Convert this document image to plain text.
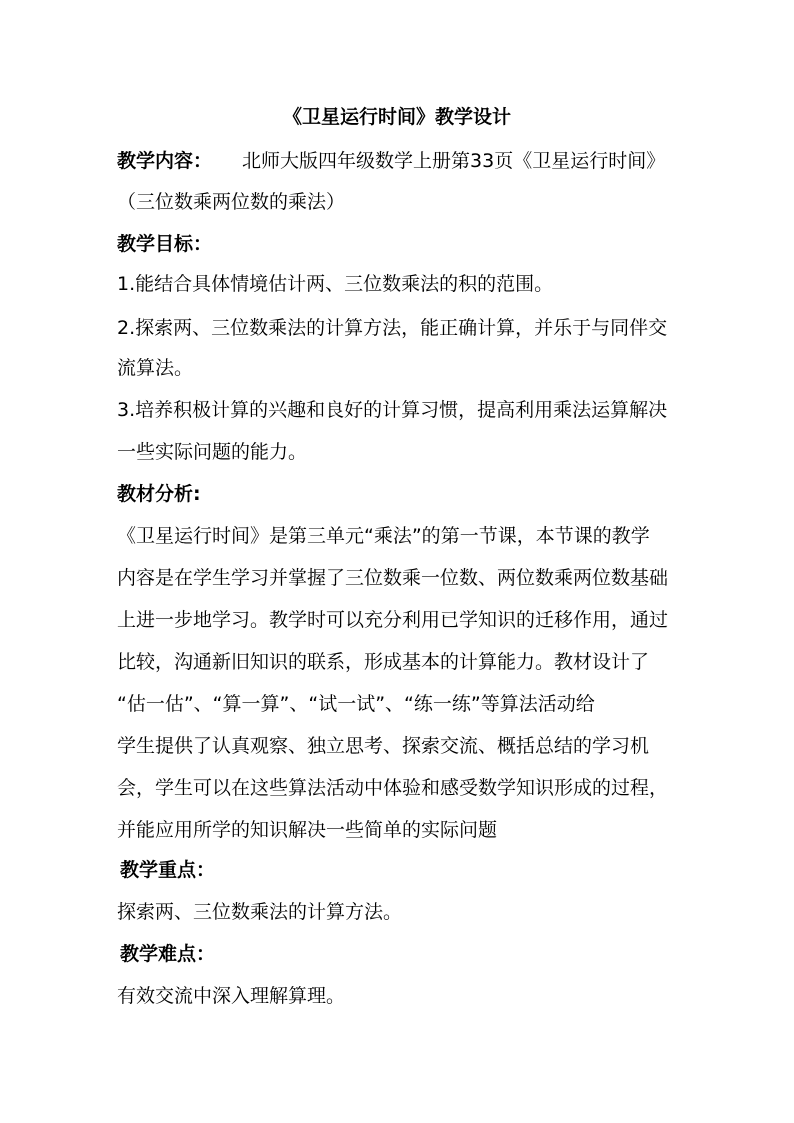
《卫星运行时间》教学设计
教学内容： 北师大版四年级数学上册第33页《卫星运行时间》
（三位数乘两位数的乘法）
教学目标：
1.能结合具体情境估计两、三位数乘法的积的范围。
2.探索两、三位数乘法的计算方法，能正确计算，并乐于与同伴交
流算法。
3.培养积极计算的兴趣和良好的计算习惯，提高利用乘法运算解决
一些实际问题的能力。
教材分析:
《卫星运行时间》是第三单元“乘法”的第一节课，本节课的教学
内容是在学生学习并掌握了三位数乘一位数、两位数乘两位数基础
上进一步地学习。教学时可以充分利用已学知识的迁移作用，通过
比较，沟通新旧知识的联系，形成基本的计算能力。教材设计了
“估一估”、“算一算”、“试一试”、“练一练”等算法活动给
学生提供了认真观察、独立思考、探索交流、概括总结的学习机
会，学生可以在这些算法活动中体验和感受数学知识形成的过程，
并能应用所学的知识解决一些简单的实际问题
教学重点：
探索两、三位数乘法的计算方法。
教学难点：
有效交流中深入理解算理。
